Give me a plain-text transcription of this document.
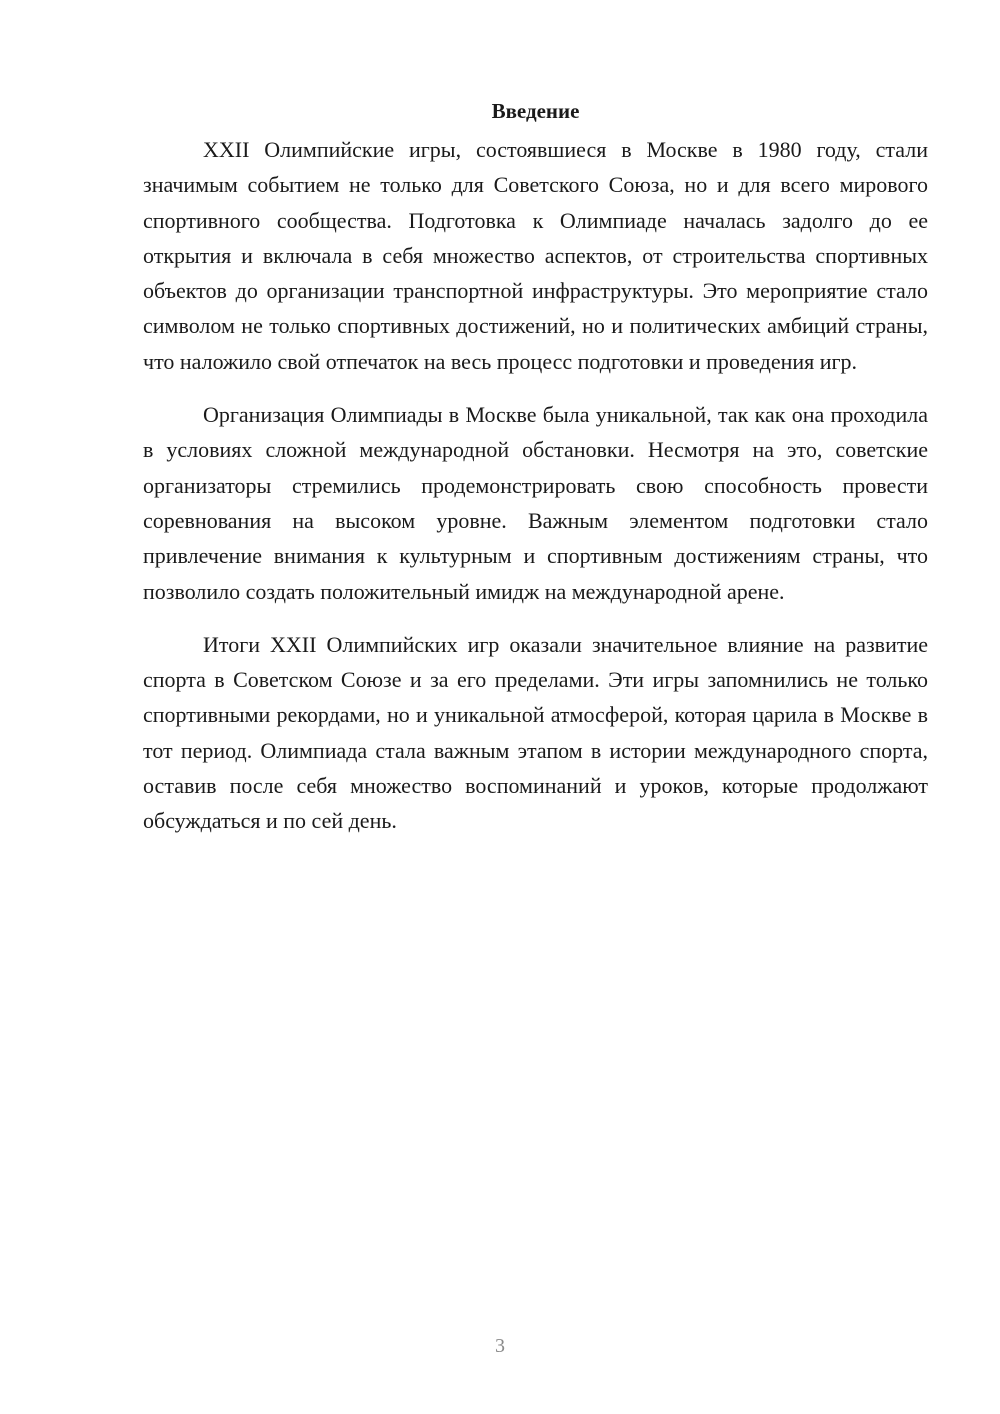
Введение

XXII Олимпийские игры, состоявшиеся в Москве в 1980 году, стали значимым событием не только для Советского Союза, но и для всего мирового спортивного сообщества. Подготовка к Олимпиаде началась задолго до ее открытия и включала в себя множество аспектов, от строительства спортивных объектов до организации транспортной инфраструктуры. Это мероприятие стало символом не только спортивных достижений, но и политических амбиций страны, что наложило свой отпечаток на весь процесс подготовки и проведения игр.

Организация Олимпиады в Москве была уникальной, так как она проходила в условиях сложной международной обстановки. Несмотря на это, советские организаторы стремились продемонстрировать свою способность провести соревнования на высоком уровне. Важным элементом подготовки стало привлечение внимания к культурным и спортивным достижениям страны, что позволило создать положительный имидж на международной арене.

Итоги XXII Олимпийских игр оказали значительное влияние на развитие спорта в Советском Союзе и за его пределами. Эти игры запомнились не только спортивными рекордами, но и уникальной атмосферой, которая царила в Москве в тот период. Олимпиада стала важным этапом в истории международного спорта, оставив после себя множество воспоминаний и уроков, которые продолжают обсуждаться и по сей день.

3
